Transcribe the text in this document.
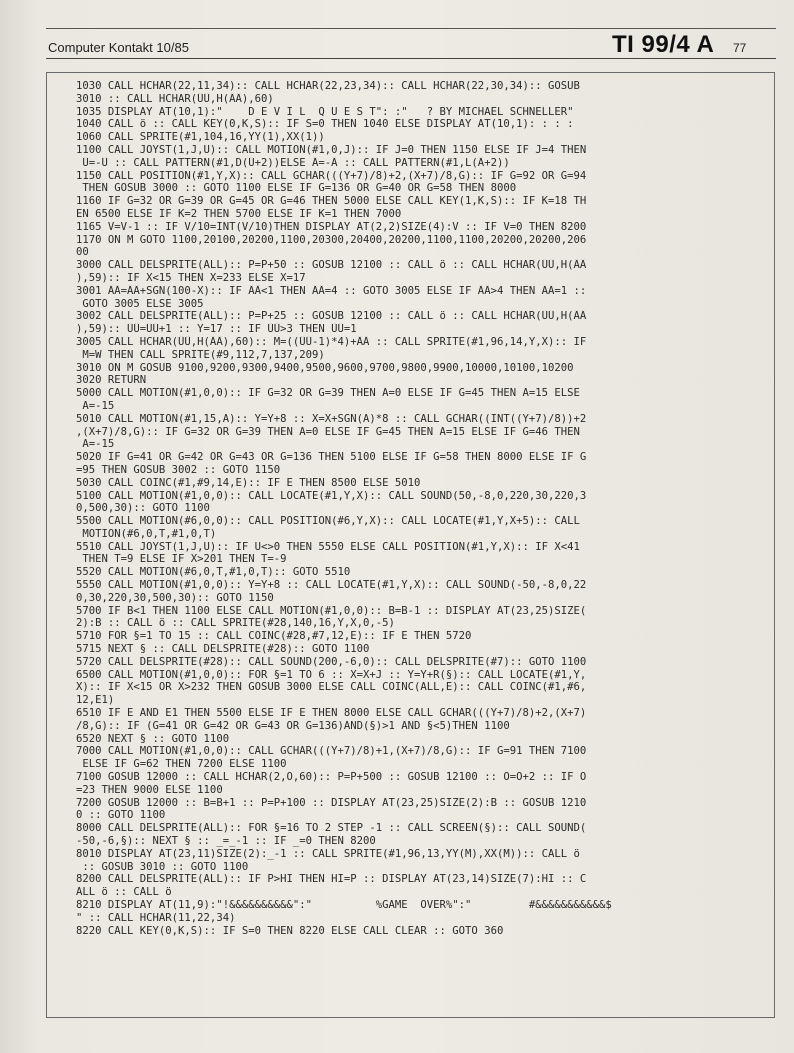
Computer Kontakt 10/85	TI 99/4 A 77
1030 CALL HCHAR(22,11,34):: CALL HCHAR(22,23,34):: CALL HCHAR(22,30,34):: GOSUB
3010 :: CALL HCHAR(ÜÜ,H(ÄÄ),60)
1035 DISPLAY AT(10,1):"    D E V I L  Q U E S T": :"   ? BY MICHAEL SCHNELLER"
1040 CALL ö :: CALL KEY(0,K,S):: IF S=0 THEN 1040 ELSE DISPLAY AT(10,1): : : :
1060 CALL SPRITE(#1,104,16,YY(1),XX(1))
1100 CALL JOYST(1,J,U):: CALL MOTION(#1,0,J):: IF J=0 THEN 1150 ELSE IF J=4 THEN
Ü=-Ü :: CALL PATTERN(#1,D(Ü+2))ELSE Ä=-Ä :: CALL PATTERN(#1,L(Ä+2))
1150 CALL POSITION(#1,Y,X):: CALL GCHAR(((Y+7)/8)+2,(X+7)/8,G):: IF G=92 OR G=94
THEN GOSUB 3000 :: GOTO 1100 ELSE IF G=136 OR G=40 OR G=58 THEN 8000
1160 IF G=32 OR G=39 OR G=45 OR G=46 THEN 5000 ELSE CALL KEY(1,K,S):: IF K=18 TH
EN 6500 ELSE IF K=2 THEN 5700 ELSE IF K=1 THEN 7000
1165 V=V-1 :: IF V/10=INT(V/10)THEN DISPLAY AT(2,2)SIZE(4):V :: IF V=0 THEN 8200
1170 ON M GOTO 1100,20100,20200,1100,20300,20400,20200,1100,1100,20200,20200,206
00
3000 CALL DELSPRITE(ALL):: P=P+50 :: GOSUB 12100 :: CALL ö :: CALL HCHAR(ÜÜ,H(ÄÄ
),59):: IF X<15 THEN X=233 ELSE X=17
3001 ÄÄ=ÄÄ+SGN(100-X):: IF ÄÄ<1 THEN ÄÄ=4 :: GOTO 3005 ELSE IF ÄÄ>4 THEN ÄÄ=1 ::
GOTO 3005 ELSE 3005
3002 CALL DELSPRITE(ALL):: P=P+25 :: GOSUB 12100 :: CALL ö :: CALL HCHAR(ÜÜ,H(ÄÄ
),59):: ÜÜ=ÜÜ+1 :: Y=17 :: IF ÜÜ>3 THEN ÜÜ=1
3005 CALL HCHAR(ÜÜ,H(ÄÄ),60):: M=((ÜÜ-1)*4)+ÄÄ :: CALL SPRITE(#1,96,14,Y,X):: IF
M=W THEN CALL SPRITE(#9,112,7,137,209)
3010 ON M GOSUB 9100,9200,9300,9400,9500,9600,9700,9800,9900,10000,10100,10200
3020 RETURN
5000 CALL MOTION(#1,0,0):: IF G=32 OR G=39 THEN A=0 ELSE IF G=45 THEN A=15 ELSE
A=-15
5010 CALL MOTION(#1,15,A):: Y=Y+8 :: X=X+SGN(A)*8 :: CALL GCHAR((INT((Y+7)/8))+2
,(X+7)/8,G):: IF G=32 OR G=39 THEN A=0 ELSE IF G=45 THEN A=15 ELSE IF G=46 THEN
A=-15
5020 IF G=41 OR G=42 OR G=43 OR G=136 THEN 5100 ELSE IF G=58 THEN 8000 ELSE IF G
=95 THEN GOSUB 3002 :: GOTO 1150
5030 CALL COINC(#1,#9,14,E):: IF E THEN 8500 ELSE 5010
5100 CALL MOTION(#1,0,0):: CALL LOCATE(#1,Y,X):: CALL SOUND(50,-8,0,220,30,220,3
0,500,30):: GOTO 1100
5500 CALL MOTION(#6,0,0):: CALL POSITION(#6,Y,X):: CALL LOCATE(#1,Y,X+5):: CALL
MOTION(#6,0,T,#1,0,T)
5510 CALL JOYST(1,J,U):: IF U<>0 THEN 5550 ELSE CALL POSITION(#1,Y,X):: IF X<41
THEN T=9 ELSE IF X>201 THEN T=-9
5520 CALL MOTION(#6,0,T,#1,0,T):: GOTO 5510
5550 CALL MOTION(#1,0,0):: Y=Y+8 :: CALL LOCATE(#1,Y,X):: CALL SOUND(-50,-8,0,22
0,30,220,30,500,30):: GOTO 1150
5700 IF B<1 THEN 1100 ELSE CALL MOTION(#1,0,0):: B=B-1 :: DISPLAY AT(23,25)SIZE(
2):B :: CALL ö :: CALL SPRITE(#28,140,16,Y,X,0,-5)
5710 FOR §=1 TO 15 :: CALL COINC(#28,#7,12,E):: IF E THEN 5720
5715 NEXT § :: CALL DELSPRITE(#28):: GOTO 1100
5720 CALL DELSPRITE(#28):: CALL SOUND(200,-6,0):: CALL DELSPRITE(#7):: GOTO 1100
6500 CALL MOTION(#1,0,0):: FOR §=1 TO 6 :: X=X+J :: Y=Y+R(§):: CALL LOCATE(#1,Y,
X):: IF X<15 OR X>232 THEN GOSUB 3000 ELSE CALL COINC(ALL,E):: CALL COINC(#1,#6,
12,E1)
6510 IF E AND E1 THEN 5500 ELSE IF E THEN 8000 ELSE CALL GCHAR(((Y+7)/8)+2,(X+7)
/8,G):: IF (G=41 OR G=42 OR G=43 OR G=136)AND(§)>1 AND §<5)THEN 1100
6520 NEXT § :: GOTO 1100
7000 CALL MOTION(#1,0,0):: CALL GCHAR(((Y+7)/8)+1,(X+7)/8,G):: IF G=91 THEN 7100
ELSE IF G=62 THEN 7200 ELSE 1100
7100 GOSUB 12000 :: CALL HCHAR(2,O,60):: P=P+500 :: GOSUB 12100 :: O=O+2 :: IF O
=23 THEN 9000 ELSE 1100
7200 GOSUB 12000 :: B=B+1 :: P=P+100 :: DISPLAY AT(23,25)SIZE(2):B :: GOSUB 1210
0 :: GOTO 1100
8000 CALL DELSPRITE(ALL):: FOR §=16 TO 2 STEP -1 :: CALL SCREEN(§):: CALL SOUND(
-50,-6,§):: NEXT § :: _=_-1 :: IF _=0 THEN 8200
8010 DISPLAY AT(23,11)SIZE(2):_-1 :: CALL SPRITE(#1,96,13,YY(M),XX(M)):: CALL ö
:: GOSUB 3010 :: GOTO 1100
8200 CALL DELSPRITE(ALL):: IF P>HI THEN HI=P :: DISPLAY AT(23,14)SIZE(7):HI :: C
ALL ö :: CALL ö
8210 DISPLAY AT(11,9):"!&&&&&&&&&&":"          %GAME  OVER%":"         #&&&&&&&&&&&$
" :: CALL HCHAR(11,22,34)
8220 CALL KEY(0,K,S):: IF S=0 THEN 8220 ELSE CALL CLEAR :: GOTO 360
